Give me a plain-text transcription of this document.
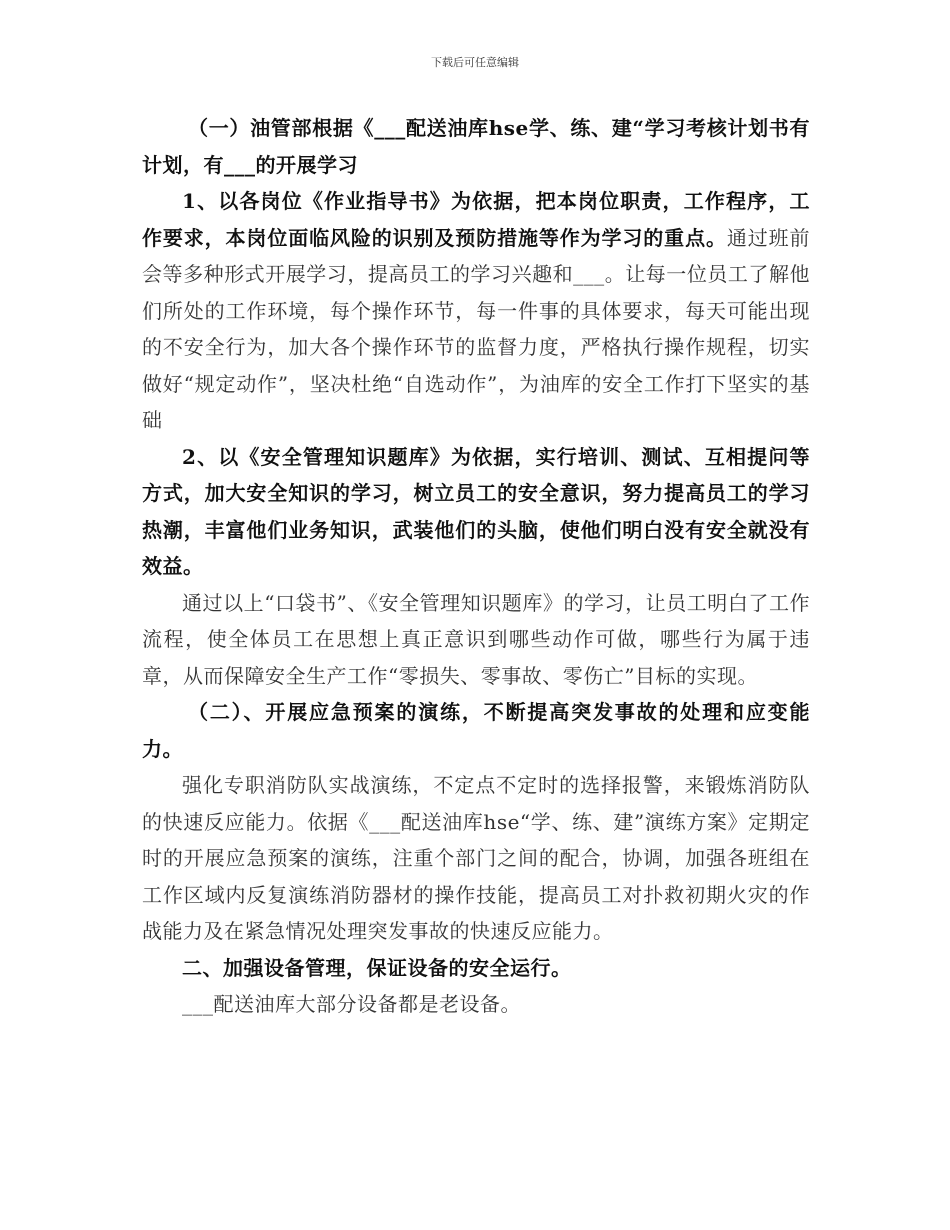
下载后可任意编辑

（一）油管部根据《___配送油库hse学、练、建“学习考核计划书有计划，有___的开展学习

1、以各岗位《作业指导书》为依据，把本岗位职责，工作程序，工作要求，本岗位面临风险的识别及预防措施等作为学习的重点。通过班前会等多种形式开展学习，提高员工的学习兴趣和___。让每一位员工了解他们所处的工作环境，每个操作环节，每一件事的具体要求，每天可能出现的不安全行为，加大各个操作环节的监督力度，严格执行操作规程，切实做好“规定动作”，坚决杜绝“自选动作”，为油库的安全工作打下坚实的基础

2、以《安全管理知识题库》为依据，实行培训、测试、互相提问等方式，加大安全知识的学习，树立员工的安全意识，努力提高员工的学习热潮，丰富他们业务知识，武装他们的头脑，使他们明白没有安全就没有效益。

通过以上“口袋书”、《安全管理知识题库》的学习，让员工明白了工作流程，使全体员工在思想上真正意识到哪些动作可做，哪些行为属于违章，从而保障安全生产工作“零损失、零事故、零伤亡”目标的实现。

（二）、开展应急预案的演练，不断提高突发事故的处理和应变能力。

强化专职消防队实战演练，不定点不定时的选择报警，来锻炼消防队的快速反应能力。依据《___配送油库hse“学、练、建”演练方案》定期定时的开展应急预案的演练，注重个部门之间的配合，协调，加强各班组在工作区域内反复演练消防器材的操作技能，提高员工对扑救初期火灾的作战能力及在紧急情况处理突发事故的快速反应能力。

二、加强设备管理，保证设备的安全运行。

___配送油库大部分设备都是老设备。
